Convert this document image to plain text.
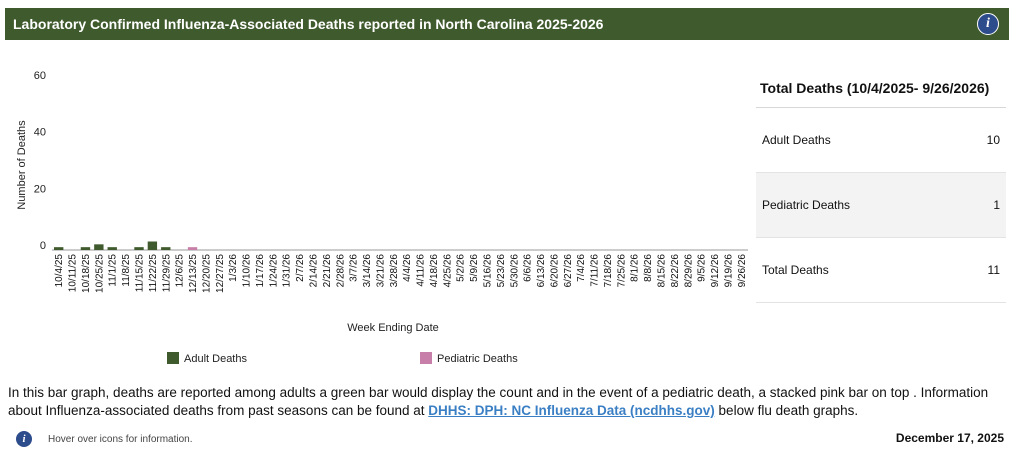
Laboratory Confirmed Influenza-Associated Deaths reported in North Carolina 2025-2026	i
0
20
40
60
Number of Deaths
10/4/25 10/11/25 10/18/25 10/25/25 11/1/25 11/8/25 11/15/25 11/22/25 11/29/25 12/6/25 12/13/25 12/20/25 12/27/25 1/3/26 1/10/26 1/17/26 1/24/26 1/31/26 2/7/26 2/14/26 2/21/26 2/28/26 3/7/26 3/14/26 3/21/26 3/28/26 4/4/26 4/11/26 4/18/26 4/25/26 5/2/26 5/9/26 5/16/26 5/23/26 5/30/26 6/6/26 6/13/26 6/20/26 6/27/26 7/4/26 7/11/26 7/18/26 7/25/26 8/1/26 8/8/26 8/15/26 8/22/26 8/29/26 9/5/26 9/12/26 9/19/26 9/26/26
Week Ending Date
Adult Deaths	Pediatric Deaths
Total Deaths (10/4/2025- 9/26/2026)
Adult Deaths	10
Pediatric Deaths	1
Total Deaths	11
In this bar graph, deaths are reported among adults a green bar would display the count and in the event of a pediatric death, a stacked pink bar on top . Information about Influenza-associated deaths from past seasons can be found at DHHS: DPH: NC Influenza Data (ncdhhs.gov) below flu death graphs.
i	Hover over icons for information.	December 17, 2025
